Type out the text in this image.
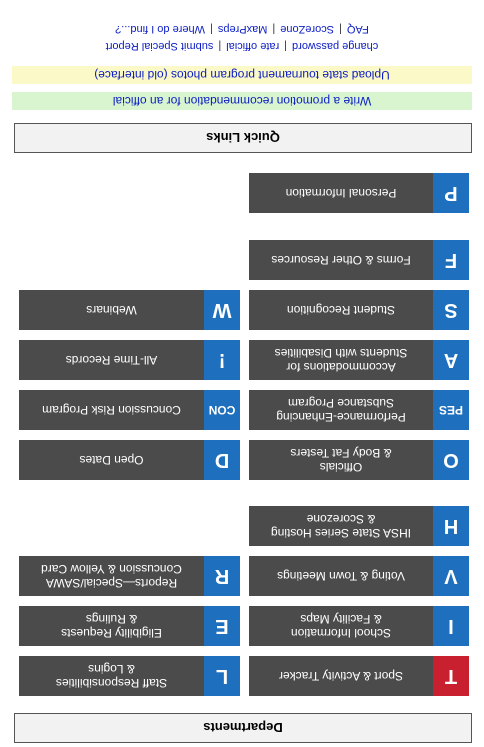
Departments
T
Sport & Activity Tracker
L
Staff Responsibilities
& Logins
I
School Information
& Facility Maps
E
Eligibility Requests
& Rulings
V
Voting & Town Meetings
R
Reports—Special/SAWA
Concussion & Yellow Card
H
IHSA State Series Hosting
& Scorezone
O
Officials
& Body Fat Testers
D
Open Dates
PES
Performance-Enhancing
Substance Program
CON
Concussion Risk Program
A
Accommodations for
Students with Disabilities
!
All-Time Records
S
Student Recognition
W
Webinars
F
Forms & Other Resources
P
Personal Information
Quick Links
Write a promotion recommendation for an official
Upload state tournament program photos (old interface)
change password|rate official|submit Special Report
FAQ|ScoreZone|MaxPreps|Where do I find...?
